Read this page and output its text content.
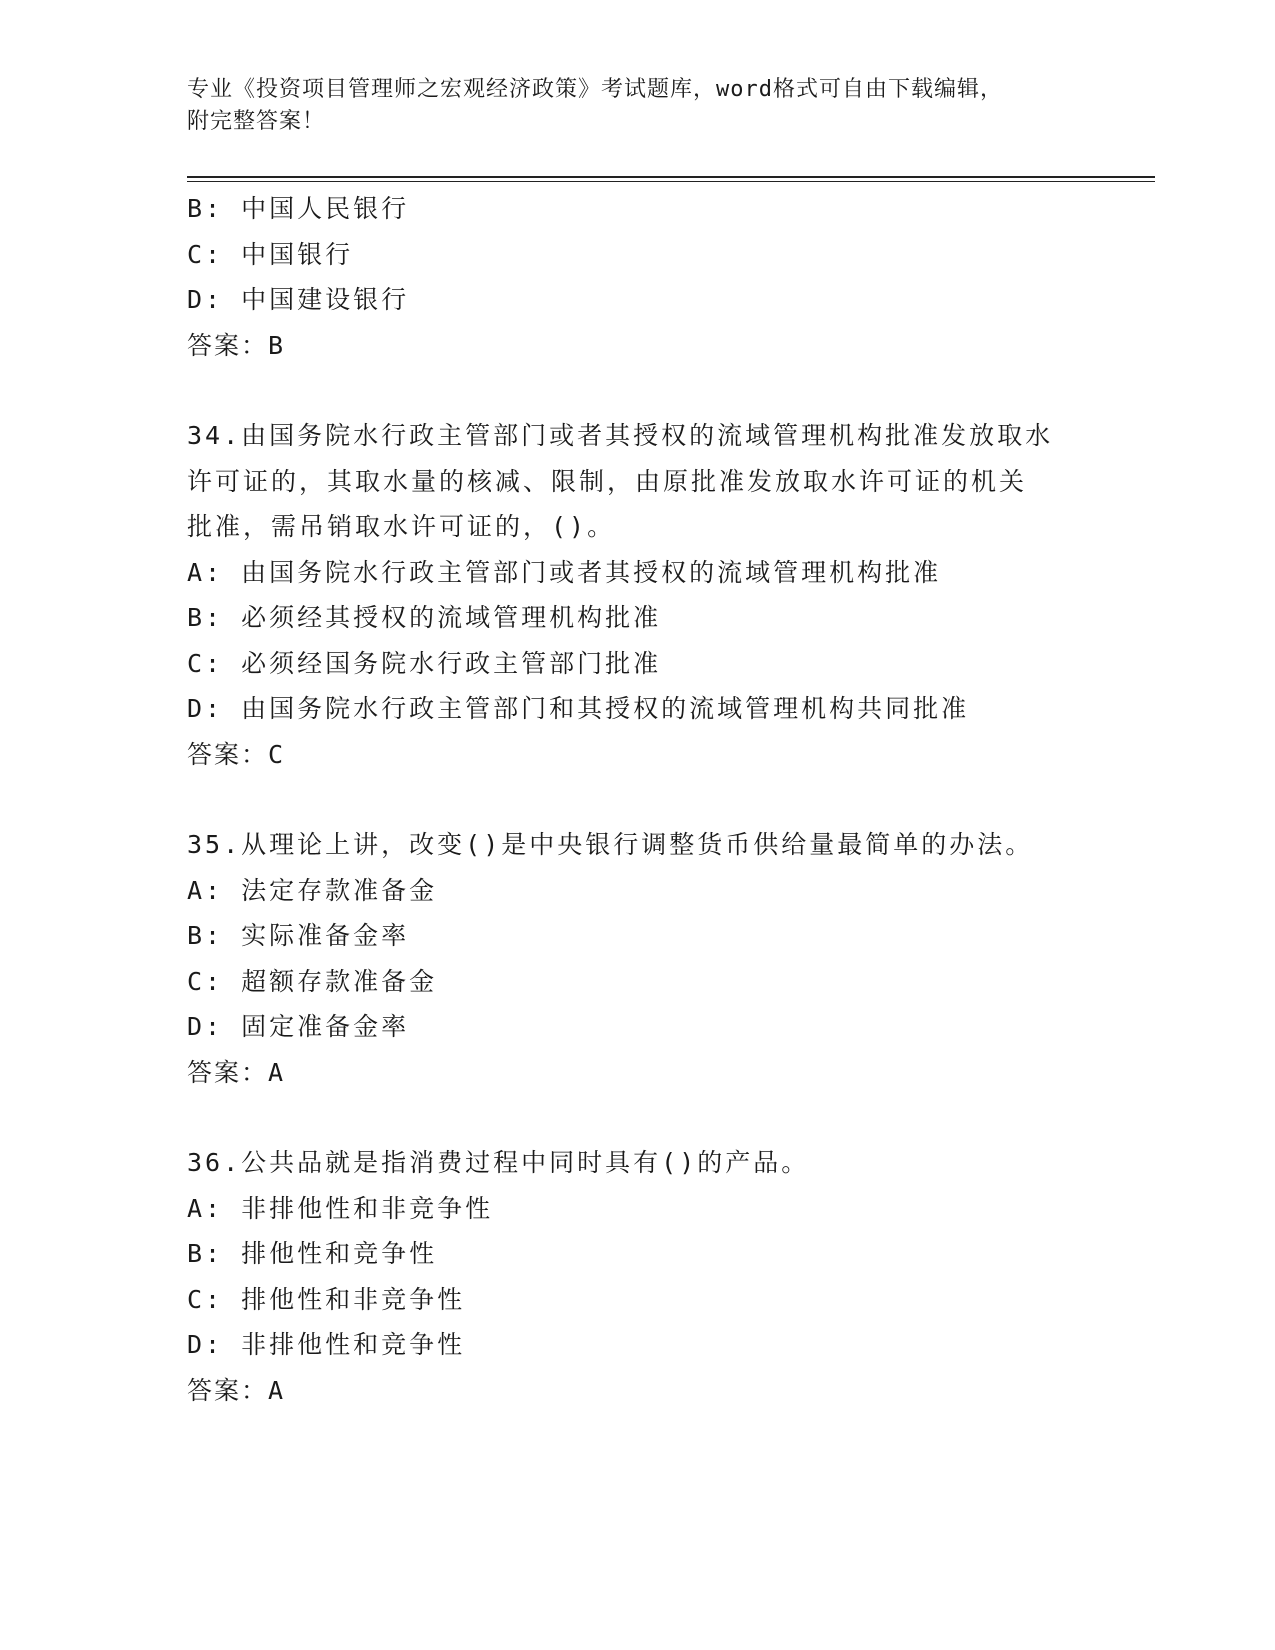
专业《投资项目管理师之宏观经济政策》考试题库，word格式可自由下载编辑，
附完整答案！
B: 中国人民银行
C: 中国银行
D: 中国建设银行
答案：B
34.由国务院水行政主管部门或者其授权的流域管理机构批准发放取水
许可证的，其取水量的核减、限制，由原批准发放取水许可证的机关
批准，需吊销取水许可证的，()。
A: 由国务院水行政主管部门或者其授权的流域管理机构批准
B: 必须经其授权的流域管理机构批准
C: 必须经国务院水行政主管部门批准
D: 由国务院水行政主管部门和其授权的流域管理机构共同批准
答案：C
35.从理论上讲，改变()是中央银行调整货币供给量最简单的办法。
A: 法定存款准备金
B: 实际准备金率
C: 超额存款准备金
D: 固定准备金率
答案：A
36.公共品就是指消费过程中同时具有()的产品。
A: 非排他性和非竞争性
B: 排他性和竞争性
C: 排他性和非竞争性
D: 非排他性和竞争性
答案：A
